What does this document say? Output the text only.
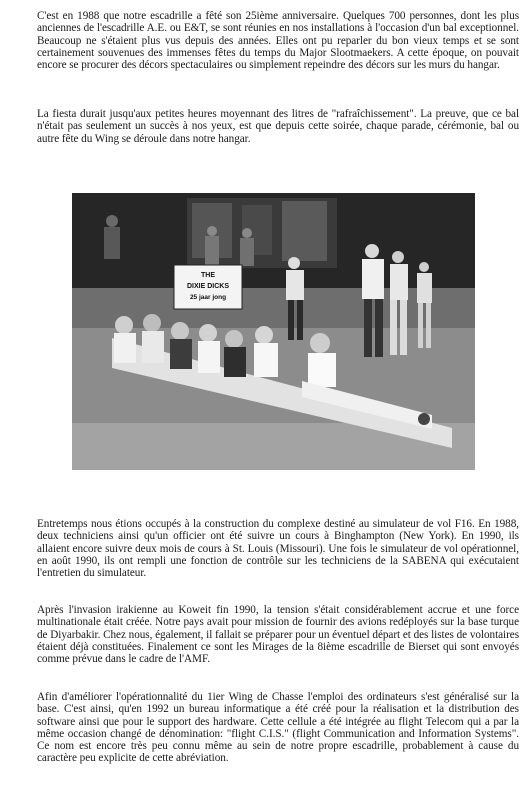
C'est en 1988 que notre escadrille a fêté son 25ième anniversaire. Quelques 700 personnes, dont les plus anciennes de l'escadrille A.E. ou E&T, se sont réunies en nos installations à l'occasion d'un bal exceptionnel. Beaucoup ne s'étaient plus vus depuis des années. Elles ont pu reparler du bon vieux temps et se sont certainement souvenues des immenses fêtes du temps du Major Slootmaekers. A cette époque, on pouvait encore se procurer des décors spectaculaires ou simplement repeindre des décors sur les murs du hangar.

La fiesta durait jusqu'aux petites heures moyennant des litres de "rafraîchissement". La preuve, que ce bal n'était pas seulement un succès à nos yeux, est que depuis cette soirée, chaque parade, cérémonie, bal ou autre fête du Wing se déroule dans notre hangar.

THE
DIXIE DICKS
25 jaar jong

Entretemps nous étions occupés à la construction du complexe destiné au simulateur de vol F16. En 1988, deux techniciens ainsi qu'un officier ont été suivre un cours à Binghampton (New York). En 1990, ils allaient encore suivre deux mois de cours à St. Louis (Missouri). Une fois le simulateur de vol opérationnel, en août 1990, ils ont rempli une fonction de contrôle sur les techniciens de la SABENA qui exécutaient l'entretien du simulateur.

Après l'invasion irakienne au Koweit fin 1990, la tension s'était considérablement accrue et une force multinationale était créée. Notre pays avait pour mission de fournir des avions redéployés sur la base turque de Diyarbakir. Chez nous, également, il fallait se préparer pour un éventuel départ et des listes de volontaires étaient déjà constituées. Finalement ce sont les Mirages de la 8ième escadrille de Bierset qui sont envoyés comme prévue dans le cadre de l'AMF.

Afin d'améliorer l'opérationnalité du 1ier Wing de Chasse l'emploi des ordinateurs s'est généralisé sur la base. C'est ainsi, qu'en 1992 un bureau informatique a été créé pour la réalisation et la distribution des software ainsi que pour le support des hardware. Cette cellule a été intégrée au flight Telecom qui a par la même occasion changé de dénomination: "flight C.I.S." (flight Communication and Information Systems". Ce nom est encore très peu connu même au sein de notre propre escadrille, probablement à cause du caractère peu explicite de cette abréviation.
